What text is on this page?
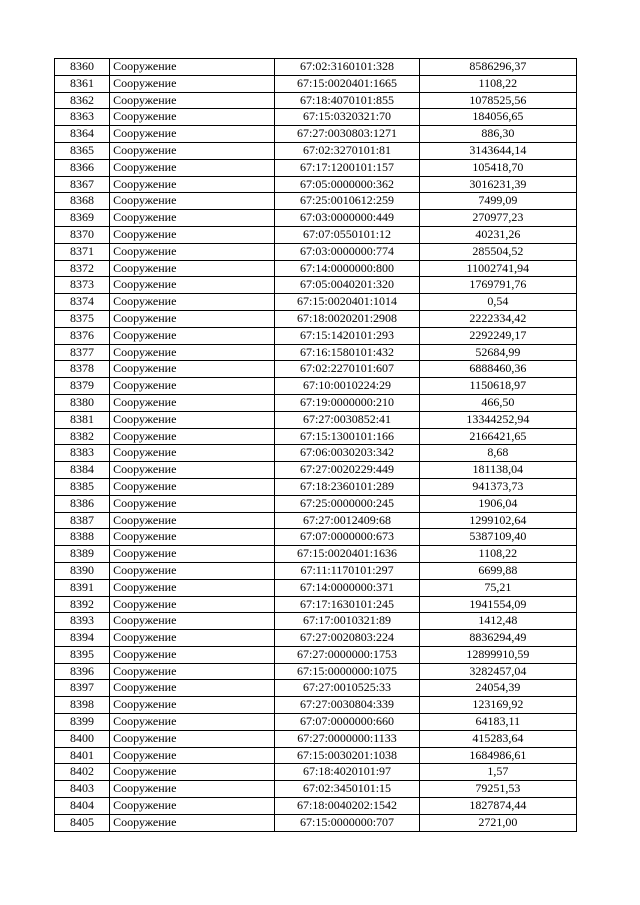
8360	Сооружение	67:02:3160101:328	8586296,37
8361	Сооружение	67:15:0020401:1665	1108,22
8362	Сооружение	67:18:4070101:855	1078525,56
8363	Сооружение	67:15:0320321:70	184056,65
8364	Сооружение	67:27:0030803:1271	886,30
8365	Сооружение	67:02:3270101:81	3143644,14
8366	Сооружение	67:17:1200101:157	105418,70
8367	Сооружение	67:05:0000000:362	3016231,39
8368	Сооружение	67:25:0010612:259	7499,09
8369	Сооружение	67:03:0000000:449	270977,23
8370	Сооружение	67:07:0550101:12	40231,26
8371	Сооружение	67:03:0000000:774	285504,52
8372	Сооружение	67:14:0000000:800	11002741,94
8373	Сооружение	67:05:0040201:320	1769791,76
8374	Сооружение	67:15:0020401:1014	0,54
8375	Сооружение	67:18:0020201:2908	2222334,42
8376	Сооружение	67:15:1420101:293	2292249,17
8377	Сооружение	67:16:1580101:432	52684,99
8378	Сооружение	67:02:2270101:607	6888460,36
8379	Сооружение	67:10:0010224:29	1150618,97
8380	Сооружение	67:19:0000000:210	466,50
8381	Сооружение	67:27:0030852:41	13344252,94
8382	Сооружение	67:15:1300101:166	2166421,65
8383	Сооружение	67:06:0030203:342	8,68
8384	Сооружение	67:27:0020229:449	181138,04
8385	Сооружение	67:18:2360101:289	941373,73
8386	Сооружение	67:25:0000000:245	1906,04
8387	Сооружение	67:27:0012409:68	1299102,64
8388	Сооружение	67:07:0000000:673	5387109,40
8389	Сооружение	67:15:0020401:1636	1108,22
8390	Сооружение	67:11:1170101:297	6699,88
8391	Сооружение	67:14:0000000:371	75,21
8392	Сооружение	67:17:1630101:245	1941554,09
8393	Сооружение	67:17:0010321:89	1412,48
8394	Сооружение	67:27:0020803:224	8836294,49
8395	Сооружение	67:27:0000000:1753	12899910,59
8396	Сооружение	67:15:0000000:1075	3282457,04
8397	Сооружение	67:27:0010525:33	24054,39
8398	Сооружение	67:27:0030804:339	123169,92
8399	Сооружение	67:07:0000000:660	64183,11
8400	Сооружение	67:27:0000000:1133	415283,64
8401	Сооружение	67:15:0030201:1038	1684986,61
8402	Сооружение	67:18:4020101:97	1,57
8403	Сооружение	67:02:3450101:15	79251,53
8404	Сооружение	67:18:0040202:1542	1827874,44
8405	Сооружение	67:15:0000000:707	2721,00
